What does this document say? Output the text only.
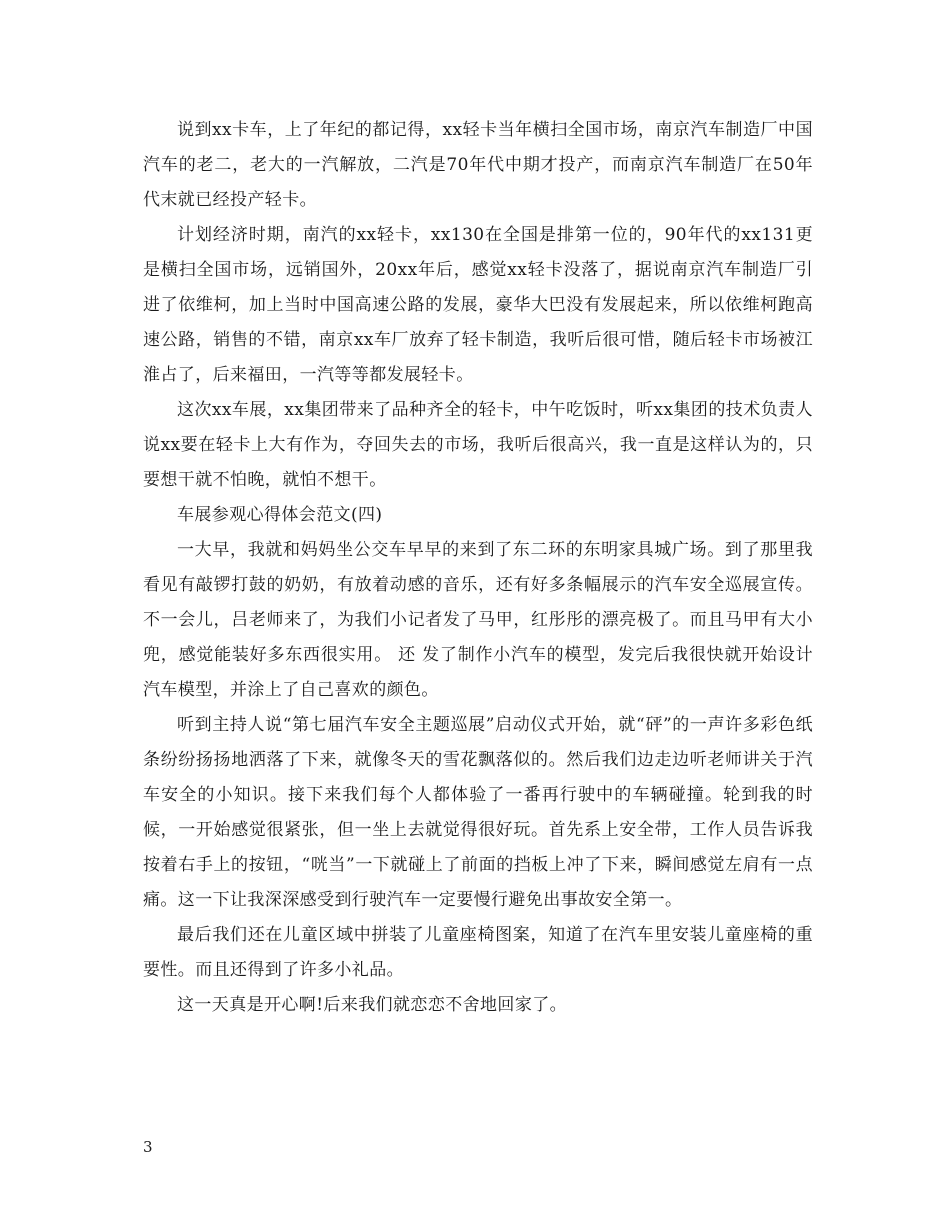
说到xx卡车，上了年纪的都记得，xx轻卡当年横扫全国市场，南京汽车制造厂中国汽车的老二，老大的一汽解放，二汽是70年代中期才投产，而南京汽车制造厂在50年代末就已经投产轻卡。

计划经济时期，南汽的xx轻卡，xx130在全国是排第一位的，90年代的xx131更是横扫全国市场，远销国外，20xx年后，感觉xx轻卡没落了，据说南京汽车制造厂引进了依维柯，加上当时中国高速公路的发展，豪华大巴没有发展起来，所以依维柯跑高速公路，销售的不错，南京xx车厂放弃了轻卡制造，我听后很可惜，随后轻卡市场被江淮占了，后来福田，一汽等等都发展轻卡。

这次xx车展，xx集团带来了品种齐全的轻卡，中午吃饭时，听xx集团的技术负责人说xx要在轻卡上大有作为，夺回失去的市场，我听后很高兴，我一直是这样认为的，只要想干就不怕晚，就怕不想干。

车展参观心得体会范文(四)

一大早，我就和妈妈坐公交车早早的来到了东二环的东明家具城广场。到了那里我看见有敲锣打鼓的奶奶，有放着动感的音乐，还有好多条幅展示的汽车安全巡展宣传。不一会儿，吕老师来了，为我们小记者发了马甲，红彤彤的漂亮极了。而且马甲有大小兜，感觉能装好多东西很实用。 还 发了制作小汽车的模型，发完后我很快就开始设计汽车模型，并涂上了自己喜欢的颜色。

听到主持人说“第七届汽车安全主题巡展”启动仪式开始，就“砰”的一声许多彩色纸条纷纷扬扬地洒落了下来，就像冬天的雪花飘落似的。然后我们边走边听老师讲关于汽车安全的小知识。接下来我们每个人都体验了一番再行驶中的车辆碰撞。轮到我的时候，一开始感觉很紧张，但一坐上去就觉得很好玩。首先系上安全带，工作人员告诉我按着右手上的按钮，“咣当”一下就碰上了前面的挡板上冲了下来，瞬间感觉左肩有一点痛。这一下让我深深感受到行驶汽车一定要慢行避免出事故安全第一。

最后我们还在儿童区域中拼装了儿童座椅图案，知道了在汽车里安装儿童座椅的重要性。而且还得到了许多小礼品。

这一天真是开心啊!后来我们就恋恋不舍地回家了。

3
